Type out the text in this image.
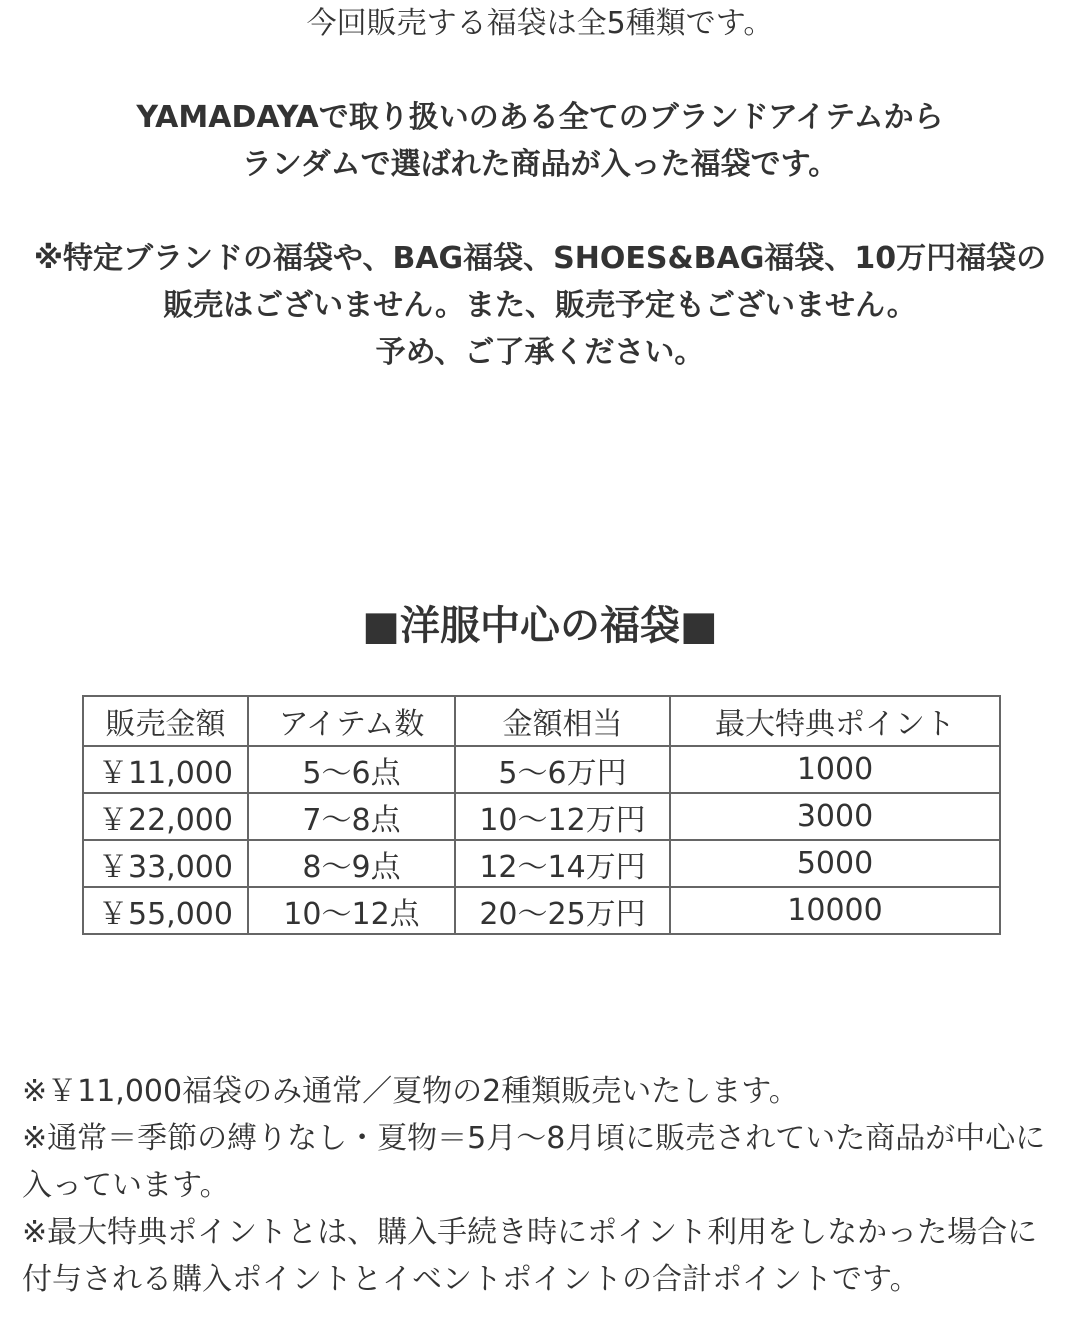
今回販売する福袋は全5種類です。

YAMADAYAで取り扱いのある全てのブランドアイテムから

ランダムで選ばれた商品が入った福袋です。

※特定ブランドの福袋や、BAG福袋、SHOES&BAG福袋、10万円福袋の

販売はございません。また、販売予定もございません。

予め、ご了承ください。

■洋服中心の福袋■
販売金額	アイテム数	金額相当	最大特典ポイント
￥11,000	5〜6点	5〜6万円	1000
￥22,000	7〜8点	10〜12万円	3000
￥33,000	8〜9点	12〜14万円	5000
￥55,000	10〜12点	20〜25万円	10000

※￥11,000福袋のみ通常／夏物の2種類販売いたします。

※通常＝季節の縛りなし・夏物＝5月〜8月頃に販売されていた商品が中心に入っています。

※最大特典ポイントとは、購入手続き時にポイント利用をしなかった場合に付与される購入ポイントとイベントポイントの合計ポイントです。
